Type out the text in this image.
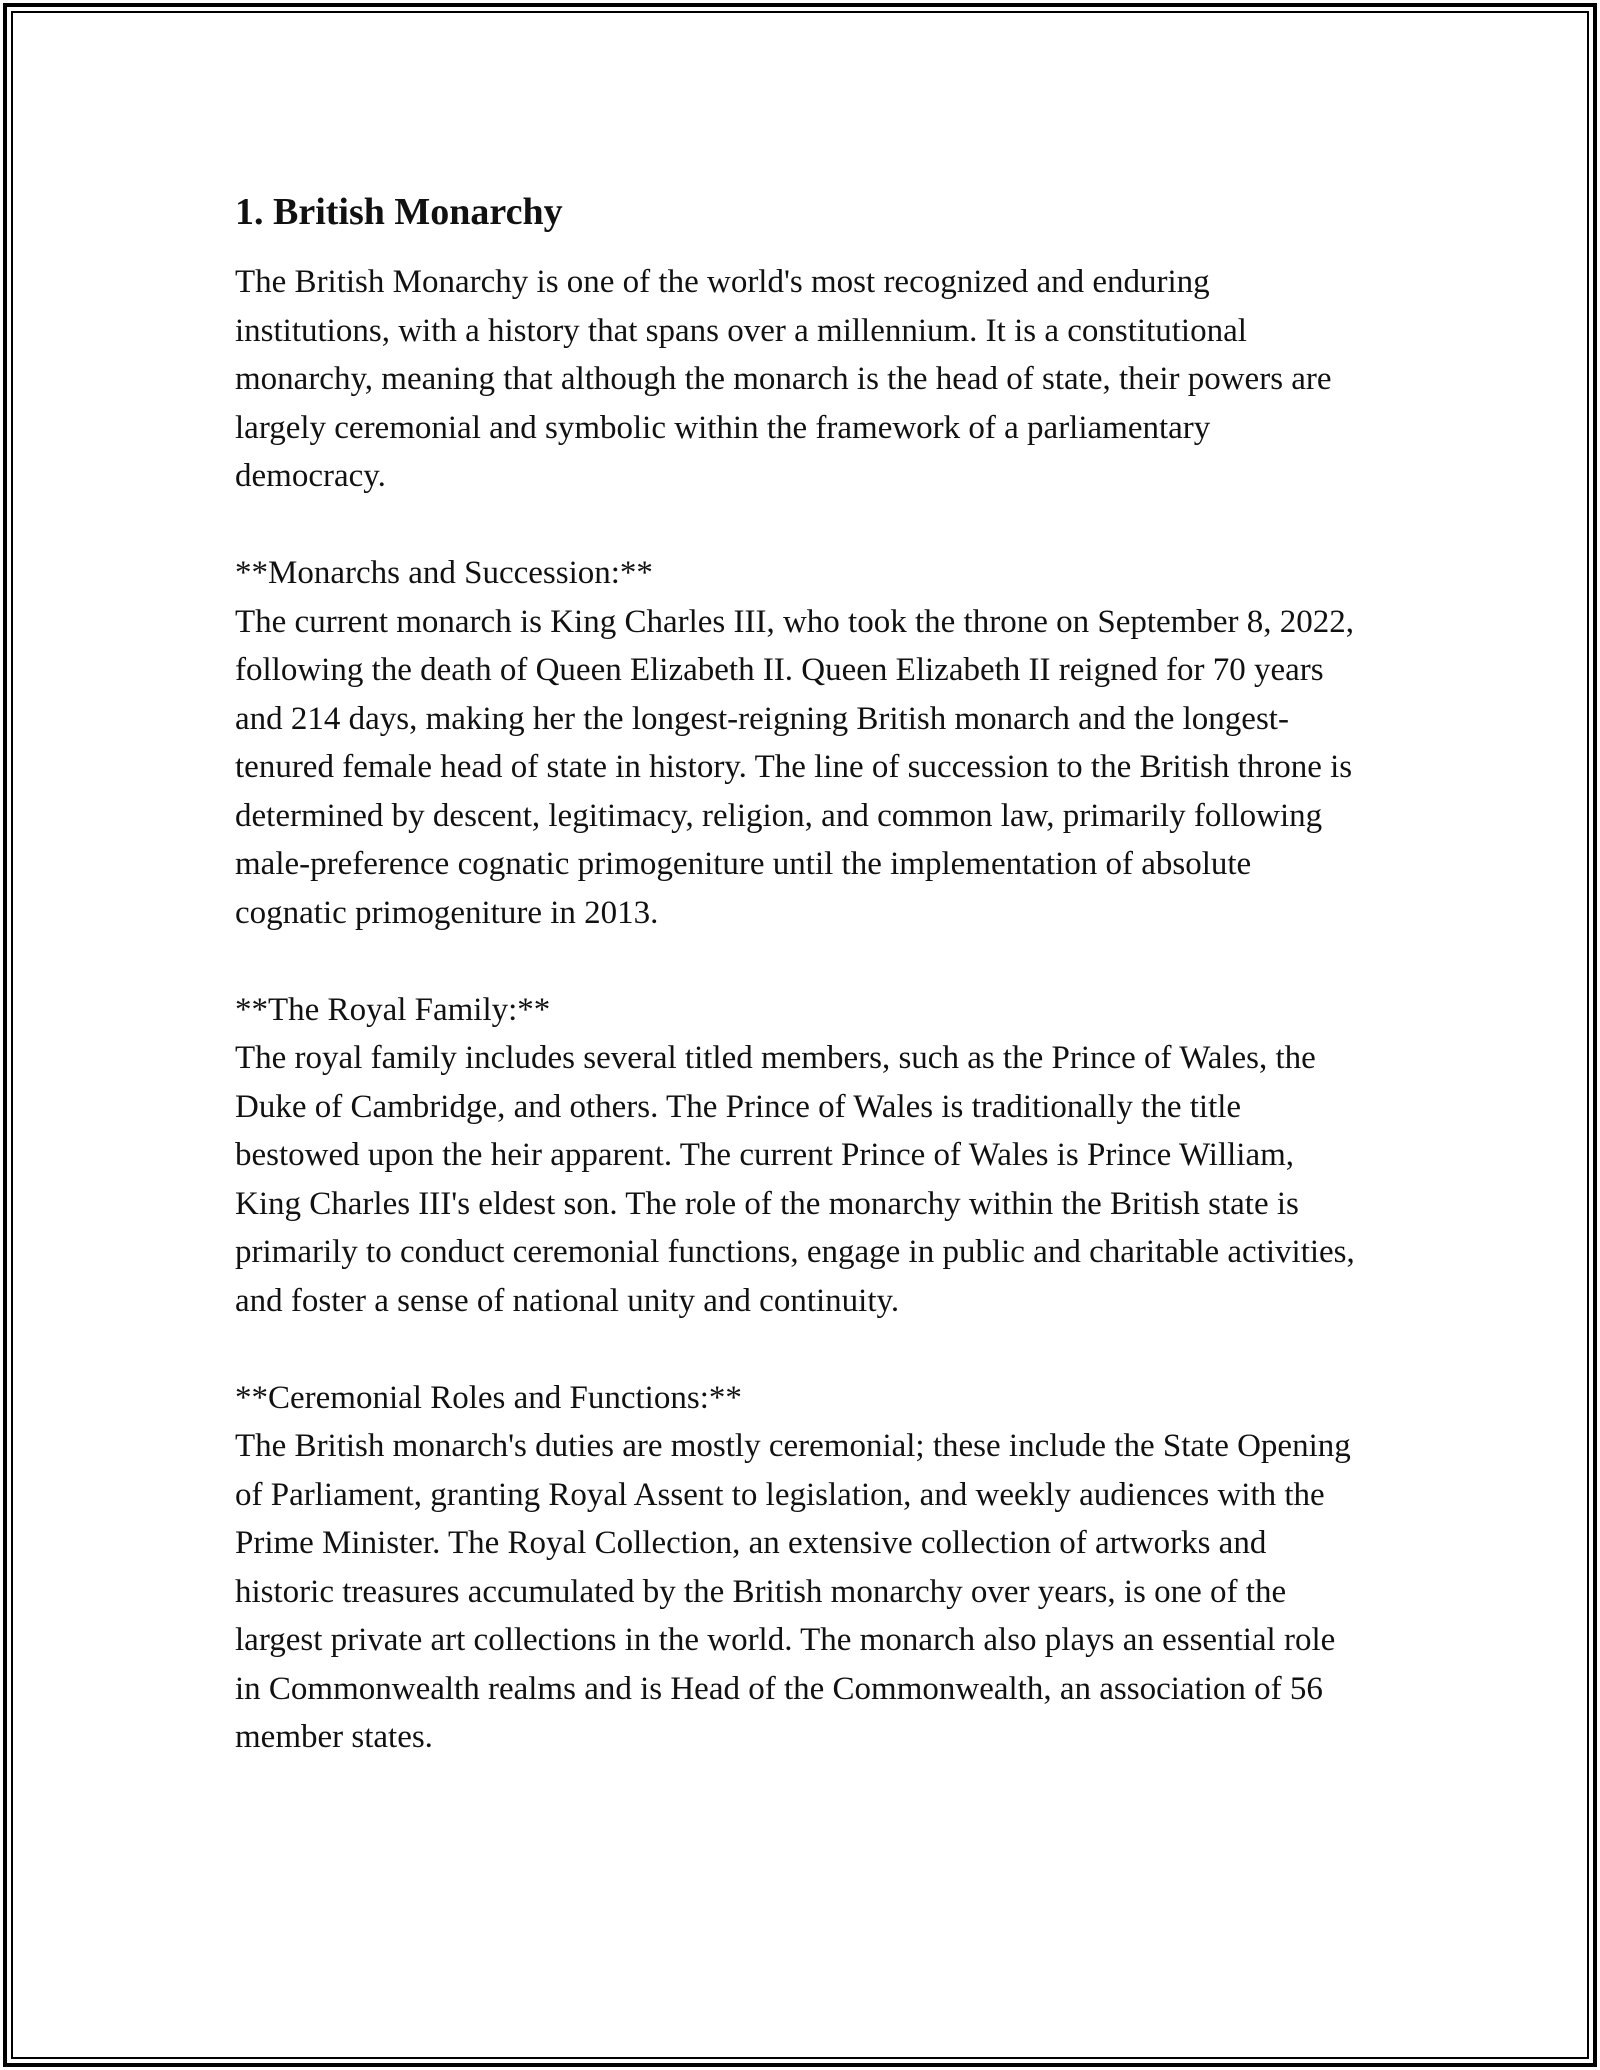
1. British Monarchy

The British Monarchy is one of the world's most recognized and enduring institutions, with a history that spans over a millennium. It is a constitutional monarchy, meaning that although the monarch is the head of state, their powers are largely ceremonial and symbolic within the framework of a parliamentary democracy.

**Monarchs and Succession:**

The current monarch is King Charles III, who took the throne on September 8, 2022, following the death of Queen Elizabeth II. Queen Elizabeth II reigned for 70 years and 214 days, making her the longest-reigning British monarch and the longest-tenured female head of state in history. The line of succession to the British throne is determined by descent, legitimacy, religion, and common law, primarily following male-preference cognatic primogeniture until the implementation of absolute cognatic primogeniture in 2013.

**The Royal Family:**

The royal family includes several titled members, such as the Prince of Wales, the Duke of Cambridge, and others. The Prince of Wales is traditionally the title bestowed upon the heir apparent. The current Prince of Wales is Prince William, King Charles III's eldest son. The role of the monarchy within the British state is primarily to conduct ceremonial functions, engage in public and charitable activities, and foster a sense of national unity and continuity.

**Ceremonial Roles and Functions:**

The British monarch's duties are mostly ceremonial; these include the State Opening of Parliament, granting Royal Assent to legislation, and weekly audiences with the Prime Minister. The Royal Collection, an extensive collection of artworks and historic treasures accumulated by the British monarchy over years, is one of the largest private art collections in the world. The monarch also plays an essential role in Commonwealth realms and is Head of the Commonwealth, an association of 56 member states.
